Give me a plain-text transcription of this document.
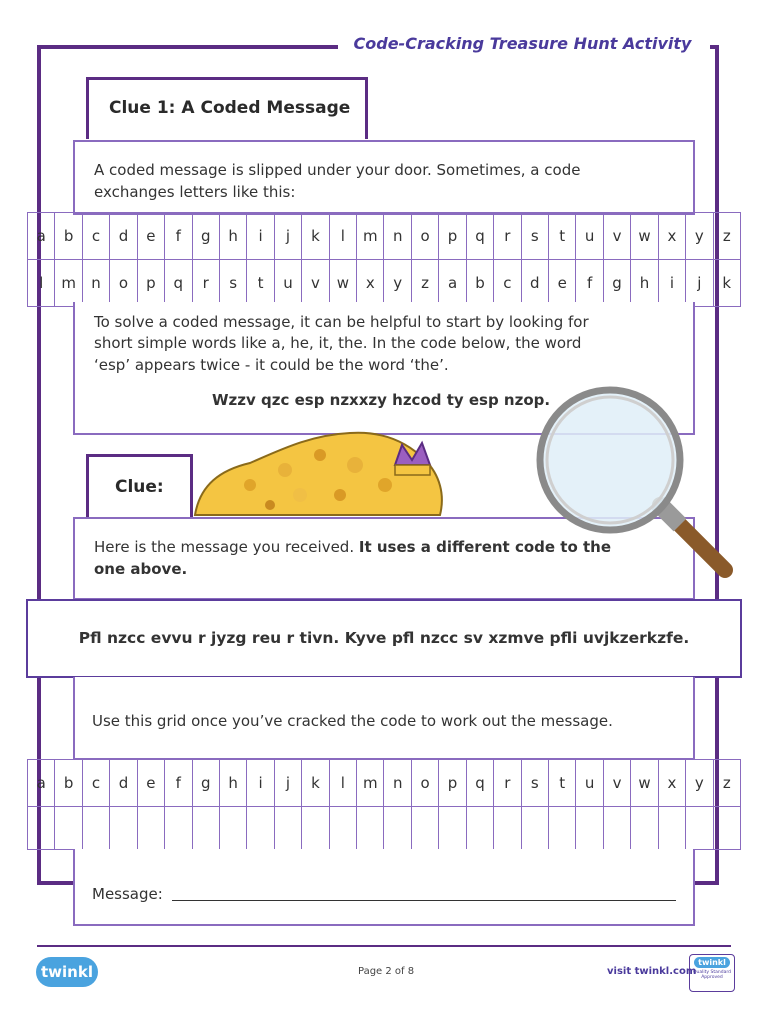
Code-Cracking Treasure Hunt Activity
Clue 1: A Coded Message
A coded message is slipped under your door. Sometimes, a code
exchanges letters like this:
a	b	c	d	e	f	g	h	i	j	k	l	m	n	o	p	q	r	s	t	u	v	w	x	y	z
l	m	n	o	p	q	r	s	t	u	v	w	x	y	z	a	b	c	d	e	f	g	h	i	j	k
To solve a coded message, it can be helpful to start by looking for
short simple words like a, he, it, the. In the code below, the word
‘esp’ appears twice - it could be the word ‘the’.
Wzzv qzc esp nzxxzy hzcod ty esp nzop.
Clue:
Here is the message you received. It uses a different code to the
one above.
Pfl nzcc evvu r jyzg reu r tivn. Kyve pfl nzcc sv xzmve pfli uvjkzerkzfe.
Use this grid once you’ve cracked the code to work out the message.
a	b	c	d	e	f	g	h	i	j	k	l	m	n	o	p	q	r	s	t	u	v	w	x	y	z

Message:
twinkl	Page 2 of 8	visit twinkl.com
twinkl
Quality Standard Approved
